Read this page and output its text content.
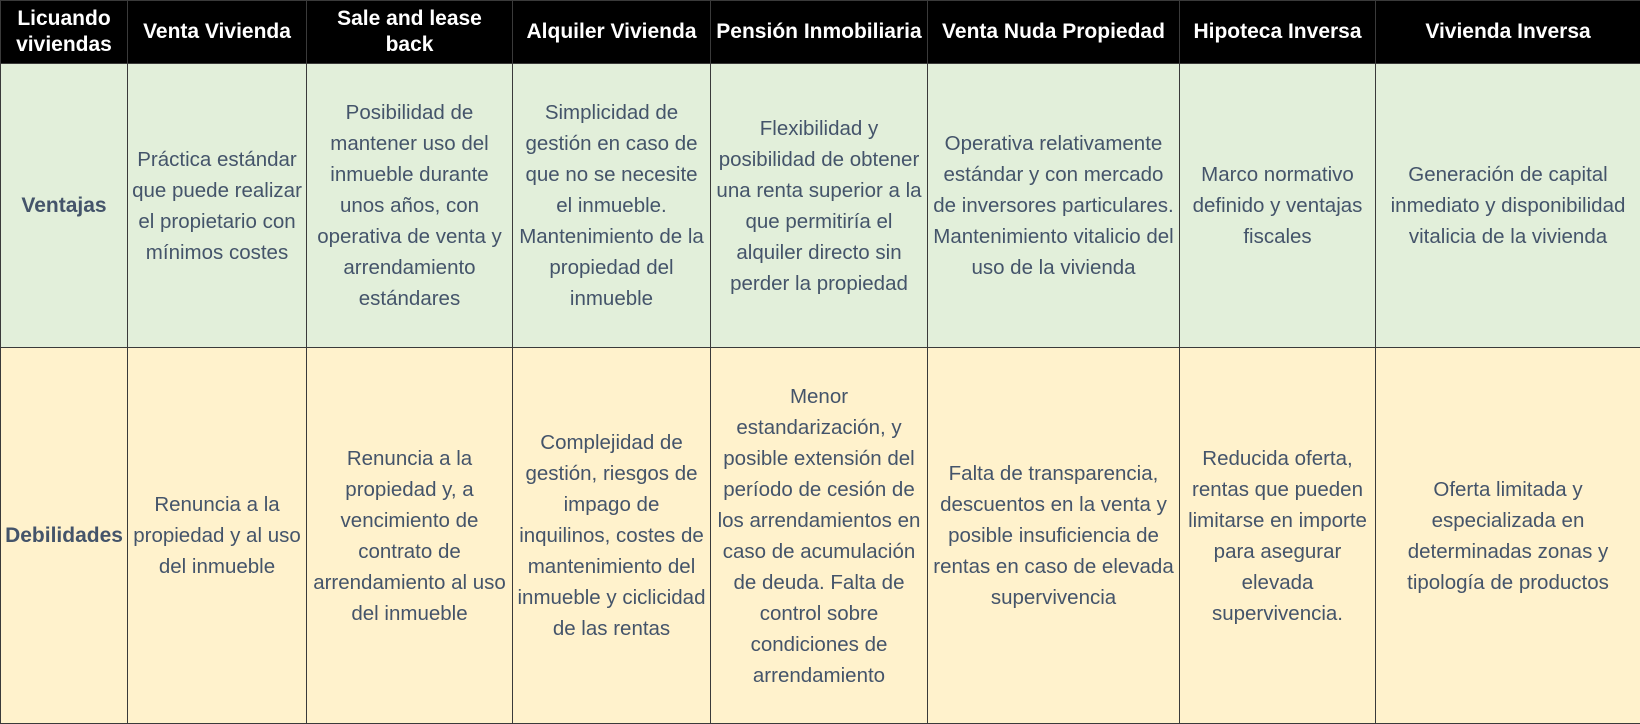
Licuando viviendas	Venta Vivienda	Sale and lease back	Alquiler Vivienda	Pensión Inmobiliaria	Venta Nuda Propiedad	Hipoteca Inversa	Vivienda Inversa
Ventajas	Práctica estándar que puede realizar el propietario con mínimos costes	Posibilidad de mantener uso del inmueble durante unos años, con operativa de venta y arrendamiento estándares	Simplicidad de gestión en caso de que no se necesite el inmueble. Mantenimiento de la propiedad del inmueble	Flexibilidad y posibilidad de obtener una renta superior a la que permitiría el alquiler directo sin perder la propiedad	Operativa relativamente estándar y con mercado de inversores particulares. Mantenimiento vitalicio del uso de la vivienda	Marco normativo definido y ventajas fiscales	Generación de capital inmediato y disponibilidad vitalicia de la vivienda
Debilidades	Renuncia a la propiedad y al uso del inmueble	Renuncia a la propiedad y, a vencimiento de contrato de arrendamiento al uso del inmueble	Complejidad de gestión, riesgos de impago de inquilinos, costes de mantenimiento del inmueble y ciclicidad de las rentas	Menor estandarización, y posible extensión del período de cesión de los arrendamientos en caso de acumulación de deuda. Falta de control sobre condiciones de arrendamiento	Falta de transparencia, descuentos en la venta y posible insuficiencia de rentas en caso de elevada supervivencia	Reducida oferta, rentas que pueden limitarse en importe para asegurar elevada supervivencia.	Oferta limitada y especializada en determinadas zonas y tipología de productos
